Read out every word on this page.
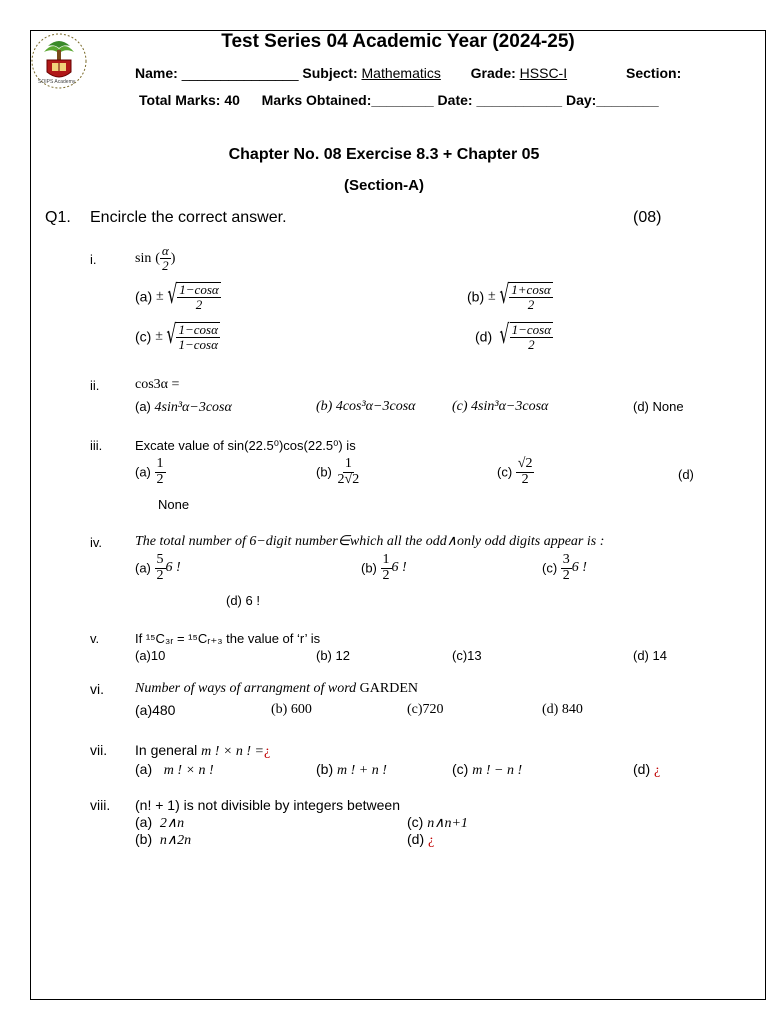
SOIPS Academy
Test Series 04 Academic Year (2024-25)
Name: _______________ Subject: Mathematics Grade: HSSC-I	Section:
Total Marks: 40 Marks Obtained:________ Date: ___________ Day:________
Chapter No. 08 Exercise 8.3 + Chapter 05
(Section-A)
Q1. Encircle the correct answer.	(08)
i.	sin ( $\frac{\alpha}{2}$ )
(a) ± √ $\frac{1-\cos\alpha}{2}$	(b) ± √ $\frac{1+\cos\alpha}{2}$
(c) ± √ $\frac{1-\cos\alpha}{1-\cos\alpha}$	(d) √ $\frac{1-\cos\alpha}{2}$
ii.	cos3α =
(a) 4sin³α−3cosα	(b) 4cos³α−3cosα	(c) 4sin³α−3cosα	(d) None
iii.	Excate value of sin(22.5⁰)cos(22.5⁰) is
$(a) \frac{1}{2}$	$(b) \frac{1}{2√2}$	$(c) \frac{√2}{2}$	(d)
None
iv. The total number of 6−digit number∈which all the odd∧only odd digits appear is :
$(a) \frac{5}{2} 6$ !	$(b) \frac{1}{2} 6$ !	$(c) \frac{3}{2} 6$ !
(d) 6 !
v.	If ¹⁵C₃ᵣ = ¹⁵Cᵣ₊₃ the value of ‘r’ is
(a)10	(b) 12	(c)13	(d) 14
vi. Number of ways of arrangment of word GARDEN
(a)480	(b) 600	(c)720	(d) 840
vii. In general m ! × n ! =¿
(a) m ! × n !	(b) m ! + n !	(c) m ! − n !	(d) ¿
viii. (n! + 1) is not divisible by integers between
(a) 2∧n
(b) n∧2n
(c) n∧n+1
(d) ¿
